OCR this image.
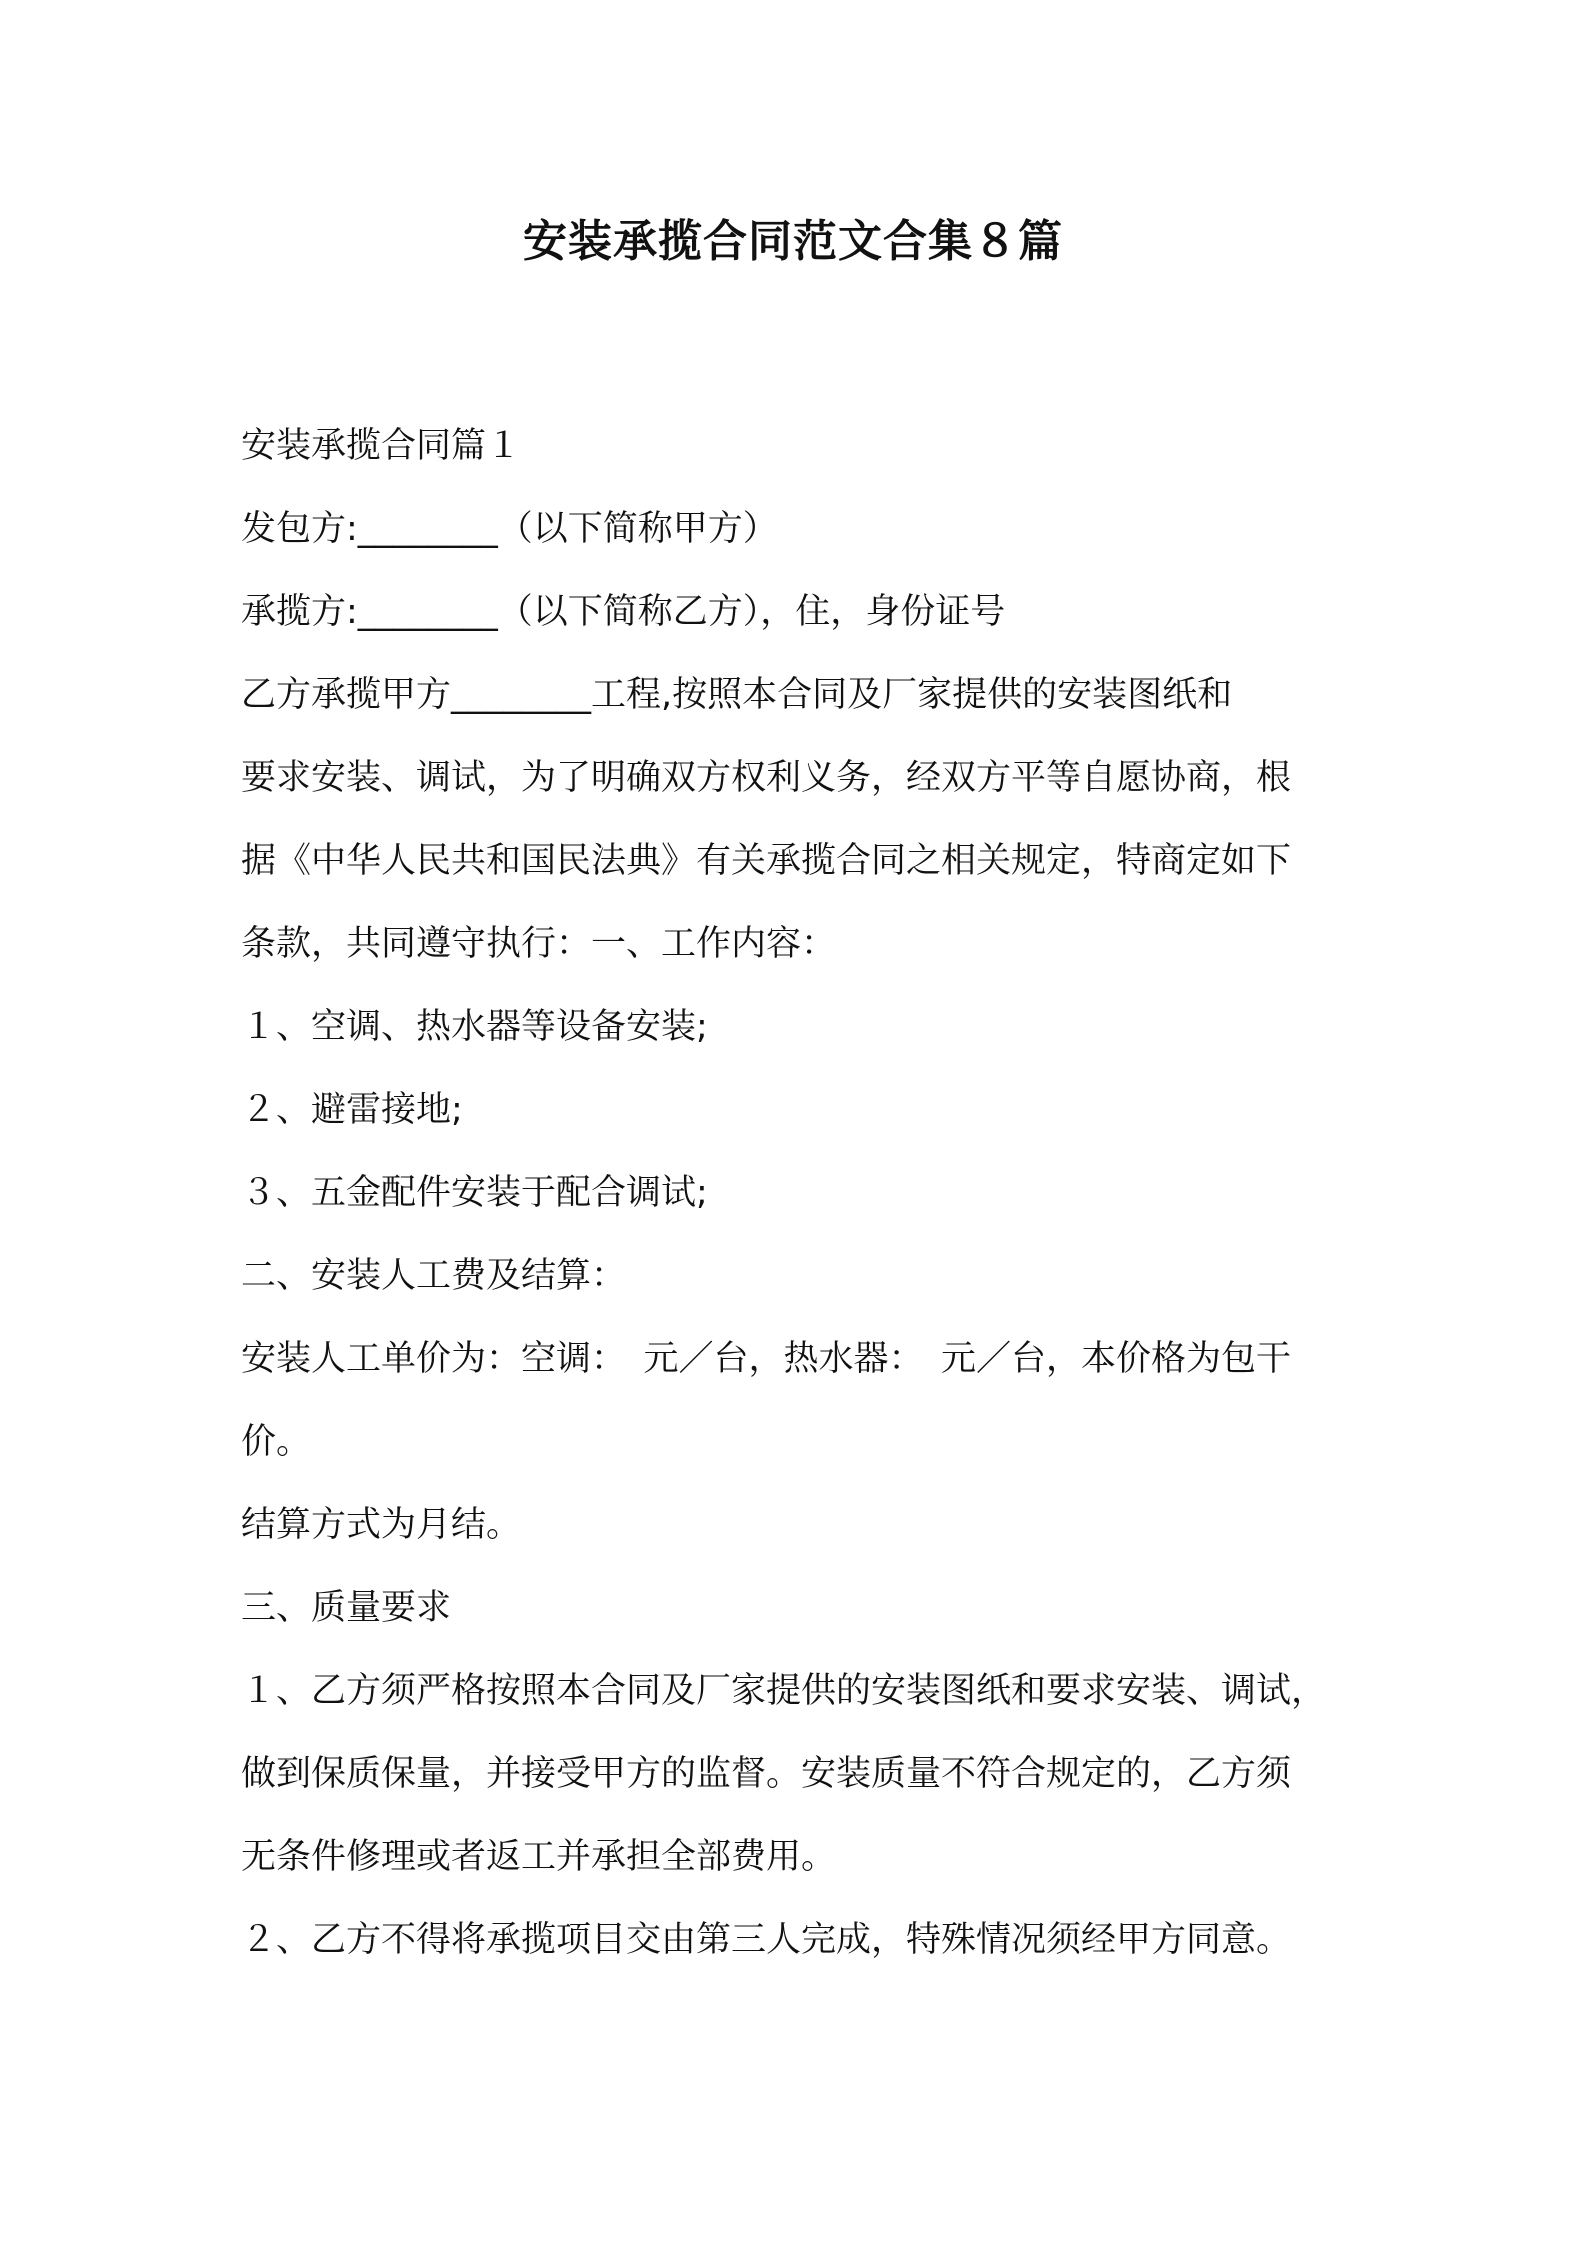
安装承揽合同范文合集８篇

安装承揽合同篇１

发包方:________（以下简称甲方）

承揽方:________（以下简称乙方），住，身份证号

乙方承揽甲方________工程,按照本合同及厂家提供的安装图纸和

要求安装、调试，为了明确双方权利义务，经双方平等自愿协商，根

据《中华人民共和国民法典》有关承揽合同之相关规定，特商定如下

条款，共同遵守执行：一、工作内容：

１、空调、热水器等设备安装;

２、避雷接地;

３、五金配件安装于配合调试;

二、安装人工费及结算：

安装人工单价为：空调：　元／台，热水器：　元／台，本价格为包干

价。

结算方式为月结。

三、质量要求

１、乙方须严格按照本合同及厂家提供的安装图纸和要求安装、调试，

做到保质保量，并接受甲方的监督。安装质量不符合规定的，乙方须

无条件修理或者返工并承担全部费用。

２、乙方不得将承揽项目交由第三人完成，特殊情况须经甲方同意。
